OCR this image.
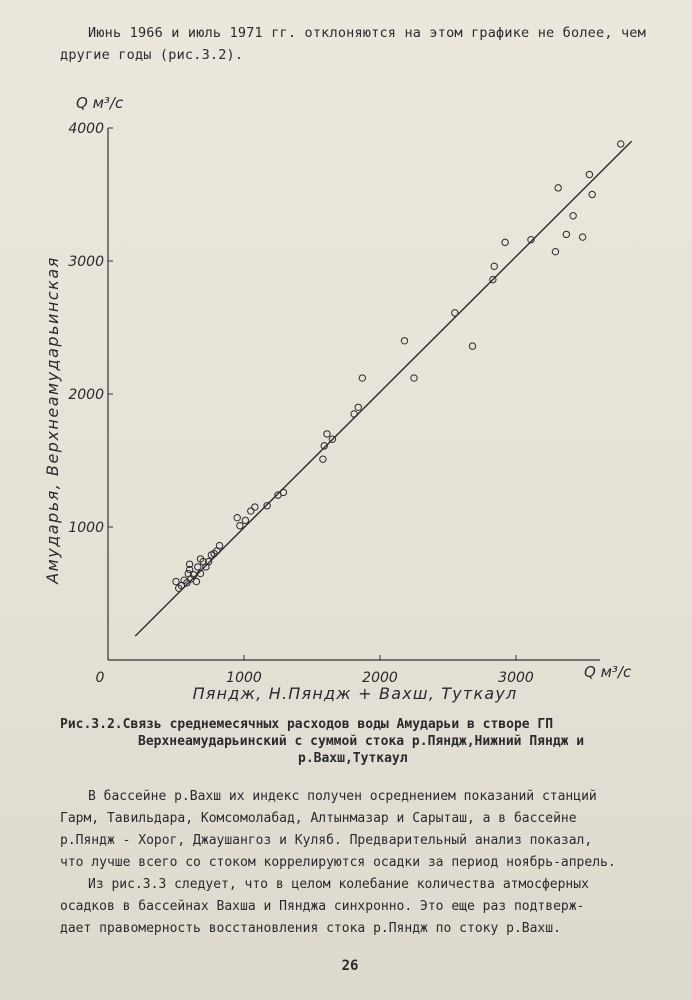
Июнь 1966 и июль 1971 гг. отклоняются на этом графике не более, чем

другие годы (рис.3.2).

0	1000	2000	3000
1000
2000
3000
4000
Q м³/с
Q м³/с
Амударья, Верхнеамударьинская
Пяндж, Н.Пяндж + Вахш, Туткаул
Рис.3.2.Связь среднемесячных расходов воды Амударьи в створе ГП
Верхнеамударьинский с суммой стока р.Пяндж,Нижний Пяндж и
р.Вахш,Туткаул

В бассейне р.Вахш их индекс получен осреднением показаний станций

Гарм, Тавильдара, Комсомолабад, Алтынмазар и Сарыташ, а в бассейне

р.Пяндж - Хорог, Джаушангоз и Куляб. Предварительный анализ показал,

что лучше всего со стоком коррелируются осадки за период ноябрь-апрель.

Из рис.3.3 следует, что в целом колебание количества атмосферных

осадков в бассейнах Вахша и Пянджа синхронно. Это еще раз подтверж-

дает правомерность восстановления стока р.Пяндж по стоку р.Вахш.

26
